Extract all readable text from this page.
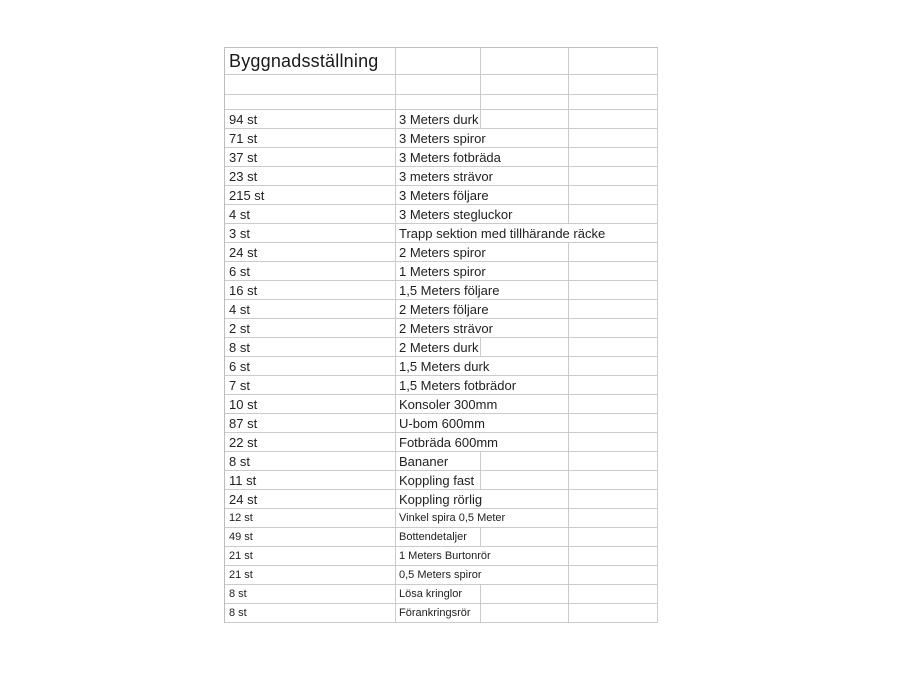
Byggnadsställning
94 st	3 Meters durk
71 st	3 Meters spiror
37 st	3 Meters fotbräda
23 st	3 meters strävor
215 st	3 Meters följare
4 st	3 Meters stegluckor
3 st	Trapp sektion med tillhärande räcke
24 st	2 Meters spiror
6 st	1 Meters spiror
16 st	1,5 Meters följare
4 st	2 Meters följare
2 st	2 Meters strävor
8 st	2 Meters durk
6 st	1,5 Meters durk
7 st	1,5 Meters fotbrädor
10 st	Konsoler 300mm
87 st	U-bom 600mm
22 st	Fotbräda 600mm
8 st	Bananer
11 st	Koppling fast
24 st	Koppling rörlig
12 st	Vinkel spira 0,5 Meter
49 st	Bottendetaljer
21 st	1 Meters Burtonrör
21 st	0,5 Meters spiror
8 st	Lösa kringlor
8 st	Förankringsrör
